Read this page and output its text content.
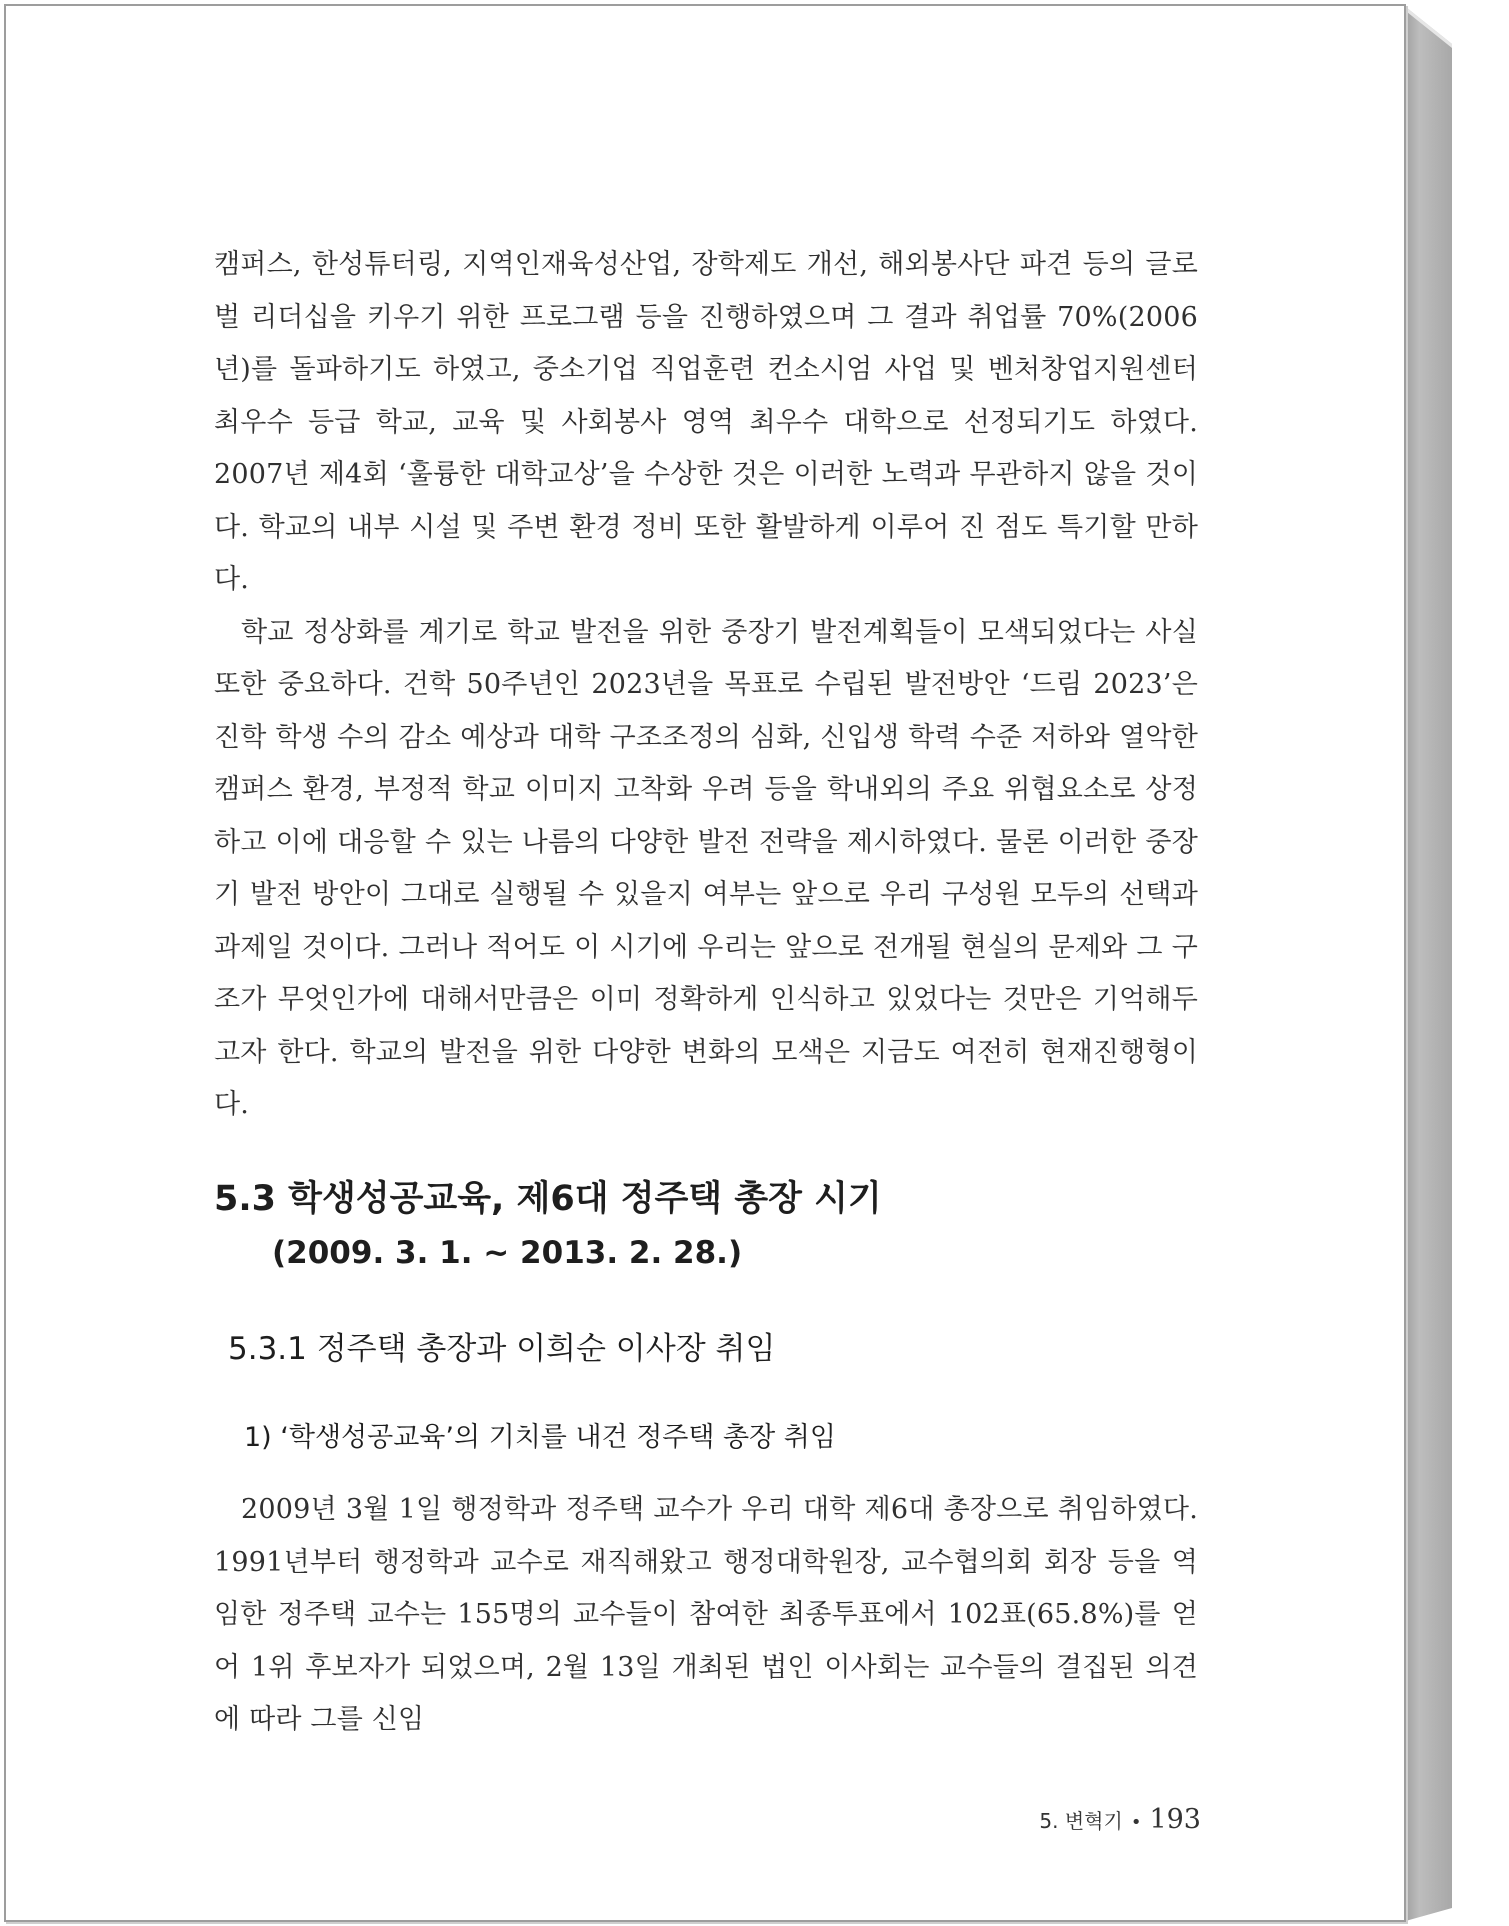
캠퍼스, 한성튜터링, 지역인재육성산업, 장학제도 개선, 해외봉사단 파견 등의 글로벌 리더십을 키우기 위한 프로그램 등을 진행하였으며 그 결과 취업률 70%(2006년)를 돌파하기도 하였고, 중소기업 직업훈련 컨소시엄 사업 및 벤처창업지원센터 최우수 등급 학교, 교육 및 사회봉사 영역 최우수 대학으로 선정되기도 하였다. 2007년 제4회 ‘훌륭한 대학교상’을 수상한 것은 이러한 노력과 무관하지 않을 것이다. 학교의 내부 시설 및 주변 환경 정비 또한 활발하게 이루어 진 점도 특기할 만하다.

학교 정상화를 계기로 학교 발전을 위한 중장기 발전계획들이 모색되었다는 사실 또한 중요하다. 건학 50주년인 2023년을 목표로 수립된 발전방안 ‘드림 2023’은 진학 학생 수의 감소 예상과 대학 구조조정의 심화, 신입생 학력 수준 저하와 열악한 캠퍼스 환경, 부정적 학교 이미지 고착화 우려 등을 학내외의 주요 위협요소로 상정하고 이에 대응할 수 있는 나름의 다양한 발전 전략을 제시하였다. 물론 이러한 중장기 발전 방안이 그대로 실행될 수 있을지 여부는 앞으로 우리 구성원 모두의 선택과 과제일 것이다. 그러나 적어도 이 시기에 우리는 앞으로 전개될 현실의 문제와 그 구조가 무엇인가에 대해서만큼은 이미 정확하게 인식하고 있었다는 것만은 기억해두고자 한다. 학교의 발전을 위한 다양한 변화의 모색은 지금도 여전히 현재진행형이다.

5.3 학생성공교육, 제6대 정주택 총장 시기
(2009. 3. 1. ~ 2013. 2. 28.)
5.3.1 정주택 총장과 이희순 이사장 취임
1) ‘학생성공교육’의 기치를 내건 정주택 총장 취임

2009년 3월 1일 행정학과 정주택 교수가 우리 대학 제6대 총장으로 취임하였다. 1991년부터 행정학과 교수로 재직해왔고 행정대학원장, 교수협의회 회장 등을 역임한 정주택 교수는 155명의 교수들이 참여한 최종투표에서 102표(65.8%)를 얻어 1위 후보자가 되었으며, 2월 13일 개최된 법인 이사회는 교수들의 결집된 의견에 따라 그를 신임

5. 변혁기 • 193
